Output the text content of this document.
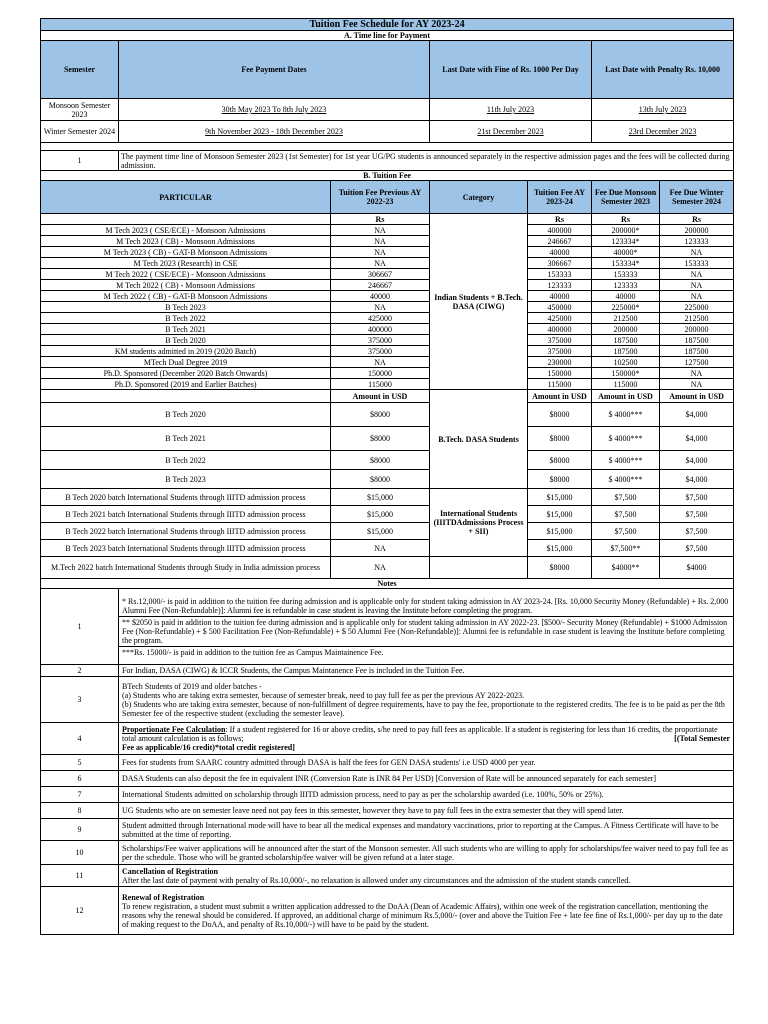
Tuition Fee Schedule for AY 2023-24						
A. Time line for Payment						
Semester	Fee Payment Dates		Last Date with Fine of Rs. 1000 Per Day		Last Date with Penalty Rs. 10,000	
Monsoon Semester 2023	30th May 2023 To 8th July 2023		11th July 2023		13th July 2023	
Winter Semester 2024	9th November 2023 - 18th December 2023		21st December 2023		23rd December 2023	

1	The payment time line of Monsoon Semester 2023 (1st Semester) for 1st year UG/PG students is announced separately in the respective admission pages and the fees will be collected during admission.					
B. Tuition Fee						
PARTICULAR		Tuition Fee Previous AY 2022-23	Category	Tuition Fee AY 2023-24	Fee Due Monsoon Semester 2023	Fee Due Winter Semester 2024
		Rs	Indian Students + B.Tech. DASA (CIWG)	Rs	Rs	Rs
M Tech 2023 ( CSE/ECE) - Monsoon Admissions		NA		400000	200000*	200000
M Tech 2023 ( CB) - Monsoon Admissions		NA		246667	123334*	123333
M Tech 2023 ( CB) - GAT-B Monsoon Admissions		NA		40000	40000*	NA
M Tech 2023 (Research) in CSE		NA		306667	153334*	153333
M Tech 2022 ( CSE/ECE) - Monsoon Admissions		306667		153333	153333	NA
M Tech 2022 ( CB) - Monsoon Admissions		246667		123333	123333	NA
M Tech 2022 ( CB) - GAT-B Monsoon Admissions		40000		40000	40000	NA
B Tech 2023		NA		450000	225000*	225000
B Tech 2022		425000		425000	212500	212500
B Tech 2021		400000		400000	200000	200000
B Tech 2020		375000		375000	187500	187500
KM students admitted in 2019 (2020 Batch)		375000		375000	187500	187500
MTech Dual Degree 2019		NA		230000	102500	127500
Ph.D. Sponsored (December 2020 Batch Onwards)		150000		150000	150000*	NA
Ph.D. Sponsored (2019 and Earlier Batches)		115000		115000	115000	NA
		Amount in USD	B.Tech. DASA Students	Amount in USD	Amount in USD	Amount in USD
B Tech 2020		$8000		$8000	$ 4000***	$4,000
B Tech 2021		$8000		$8000	$ 4000***	$4,000
B Tech 2022		$8000		$8000	$ 4000***	$4,000
B Tech 2023		$8000		$8000	$ 4000***	$4,000
B Tech 2020 batch International Students through IIITD admission process		$15,000	International Students (IIITDAdmissions Process + SII)	$15,000	$7,500	$7,500
B Tech 2021 batch International Students through IIITD admission process		$15,000		$15,000	$7,500	$7,500
B Tech 2022 batch International Students through IIITD admission process		$15,000		$15,000	$7,500	$7,500
B Tech 2023 batch International Students through IIITD admission process		NA		$15,000	$7,500**	$7,500
M.Tech 2022 batch International Students through Study in India admission process		NA		$8000	$4000**	$4000
Notes						
1	* Rs.12,000/- is paid in addition to the tuition fee during admission and is applicable only for student taking admission in AY 2023-24. [Rs. 10,000 Security Money (Refundable) + Rs. 2,000 Alumni Fee (Non-Refundable)]: Alumni fee is refundable in case student is leaving the Institute before completing the program.

** $2050 is paid in addition to the tuition fee during admission and is applicable only for student taking admission in AY 2022-23. [$500/- Security Money (Refundable) + $1000 Admission Fee (Non-Refundable) + $ 500 Facilitation Fee (Non-Refundable) + $ 50 Alumni Fee (Non-Refundable)]: Alumni fee is refundable in case student is leaving the Institute before completing the program.

***Rs. 15000/- is paid in addition to the tuition fee as Campus Maintainence Fee.					

2	For Indian, DASA (CIWG) & ICCR Students, the Campus Maintanence Fee is included in the Tuition Fee.					
3	BTech Students of 2019 and older batches -

(a) Students who are taking extra semester, because of semester break, need to pay full fee as per the previous AY 2022-2023.

(b) Students who are taking extra semester, because of non-fulfillment of degree requirements, have to pay the fee, proportionate to the registered credits. The fee is to be paid as per the 8th Semester fee of the respective student (excluding the semester leave).					

4	Proportionate Fee Calculation: If a student registered for 16 or above credits, s/he need to pay full fees as applicable. If a student is registering for less than 16 credits, the proportionate total amount calculation is as follows; [(Total Semester

Fee as applicable/16 credit)*total credit registered]					

5	Fees for students from SAARC country admitted through DASA is half the fees for GEN DASA students' i.e USD 4000 per year.					
6	DASA Students can also deposit the fee in equivalent INR (Conversion Rate is INR 84 Per USD) [Conversion of Rate will be announced separately for each semester]					
7	International Students admitted on scholarship through IIITD admission process, need to pay as per the scholarship awarded (i.e. 100%, 50% or 25%).					
8	UG Students who are on semester leave need not pay fees in this semester, however they have to pay full fees in the extra semester that they will spend later.					
9	Student admitted through International mode will have to bear all the medical expenses and mandatory vaccinations, prior to reporting at the Campus. A Fitness Certificate will have to be submitted at the time of reporting.					
10	Scholarships/Fee waiver applications will be announced after the start of the Monsoon semester. All such students who are willing to apply for scholarships/fee waiver need to pay full fee as per the schedule. Those who will be granted scholarship/fee waiver will be given refund at a later stage.					
11	Cancellation of Registration

After the last date of payment with penalty of Rs.10,000/-, no relaxation is allowed under any circumstances and the admission of the student stands cancelled.					

12	Renewal of Registration

To renew registration, a student must submit a written application addressed to the DoAA (Dean of Academic Affairs), within one week of the registration cancellation, mentioning the reasons why the renewal should be considered. If approved, an additional charge of minimum Rs.5,000/- (over and above the Tuition Fee + late fee fine of Rs.1,000/- per day up to the date of making request to the DoAA, and penalty of Rs.10,000/-) will have to be paid by the student.					
